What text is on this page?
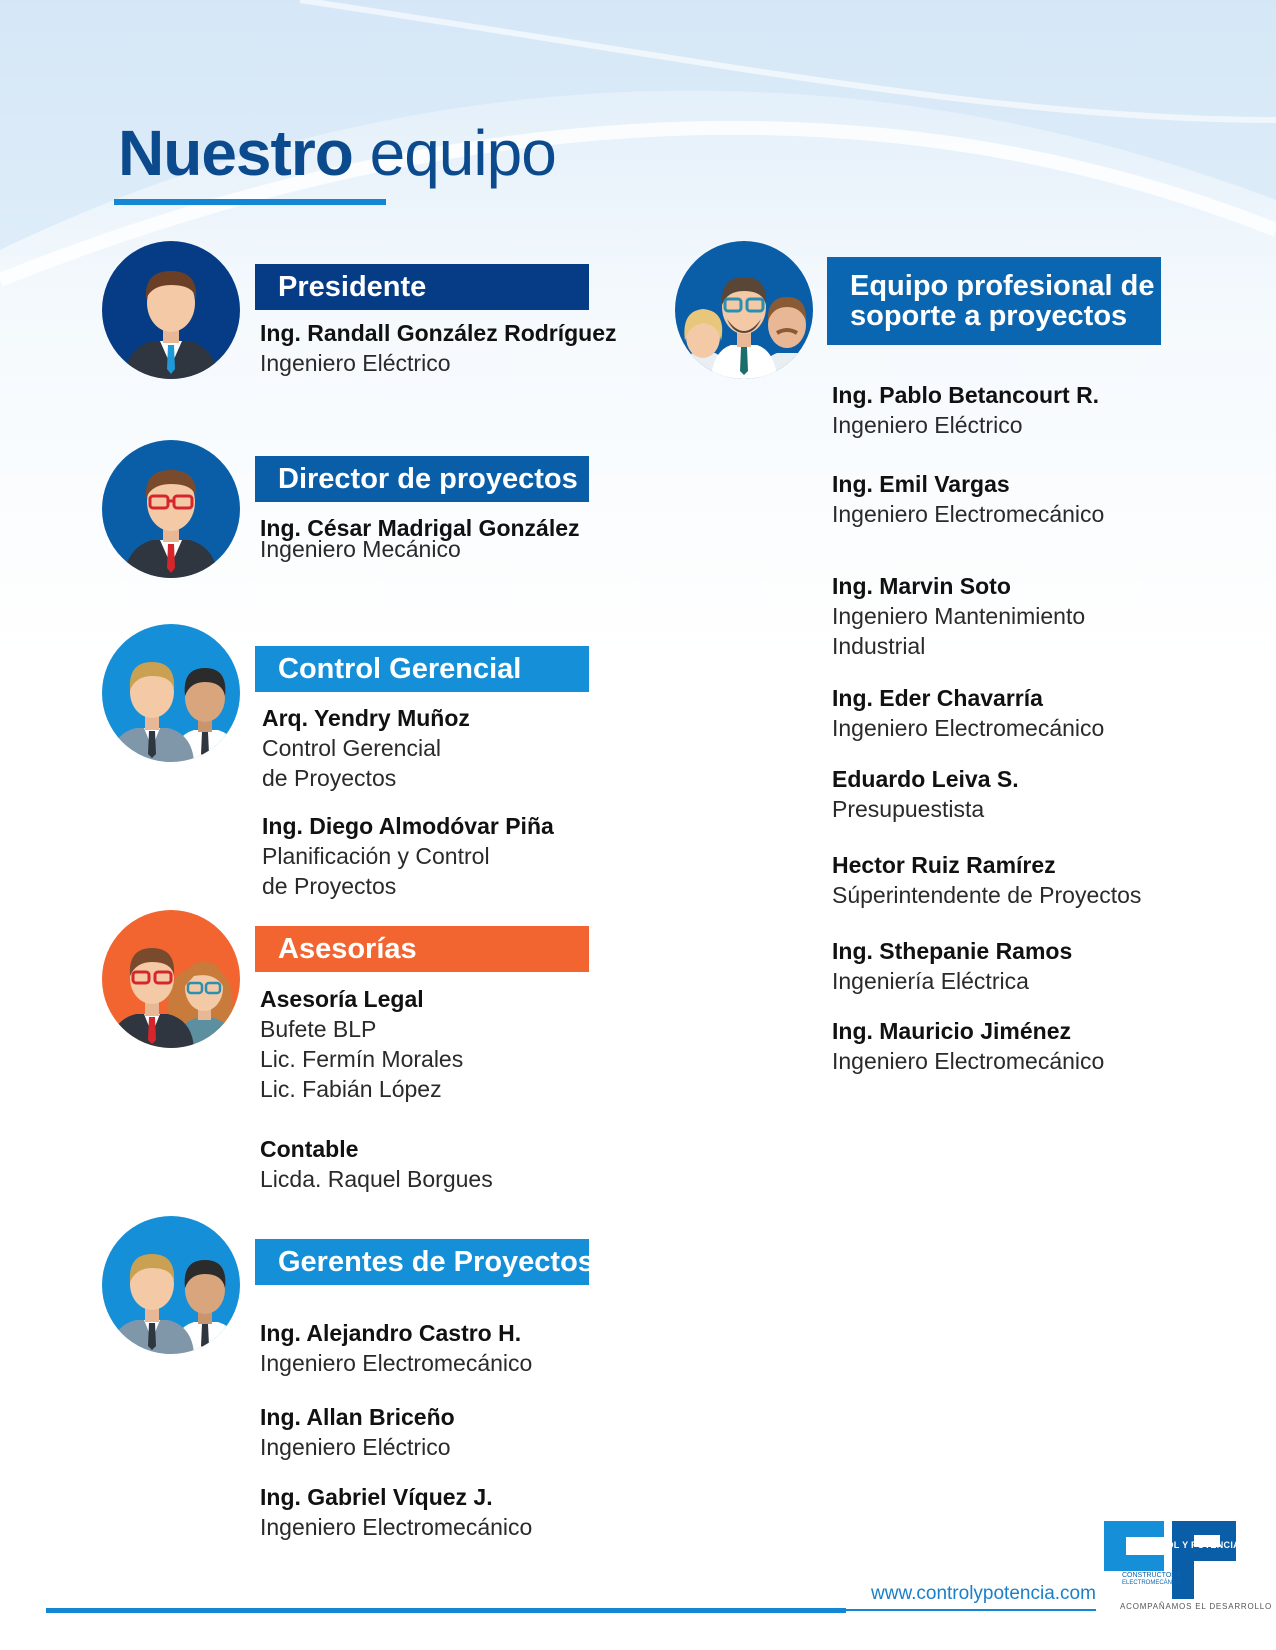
Nuestro equipo
Presidente
Ing. Randall González Rodríguez
Ingeniero Eléctrico
Director de proyectos
Ing. César Madrigal González
Ingeniero Mecánico
Control Gerencial
Arq. Yendry Muñoz
Control Gerencial
de Proyectos
Ing. Diego Almodóvar Piña
Planificación y Control
de Proyectos
Asesorías
Asesoría Legal
Bufete BLP
Lic. Fermín Morales
Lic. Fabián López
Contable
Licda. Raquel Borgues
Gerentes de Proyectos
Ing. Alejandro Castro H.
Ingeniero Electromecánico
Ing. Allan Briceño
Ingeniero Eléctrico
Ing. Gabriel Víquez J.
Ingeniero Electromecánico
Equipo profesional de
soporte a proyectos
Ing. Pablo Betancourt R.
Ingeniero Eléctrico
Ing. Emil Vargas
Ingeniero Electromecánico
Ing. Marvin Soto
Ingeniero Mantenimiento
Industrial
Ing. Eder Chavarría
Ingeniero Electromecánico
Eduardo Leiva S.
Presupuestista
Hector Ruiz Ramírez
Súperintendente de Proyectos
Ing. Sthepanie Ramos
Ingeniería Eléctrica
Ing. Mauricio Jiménez
Ingeniero Electromecánico
www.controlypotencia.com
CONTROL Y POTENCIA
CONSTRUCTORA
ELECTROMECÁNICA
ACOMPAÑAMOS EL DESARROLLO
